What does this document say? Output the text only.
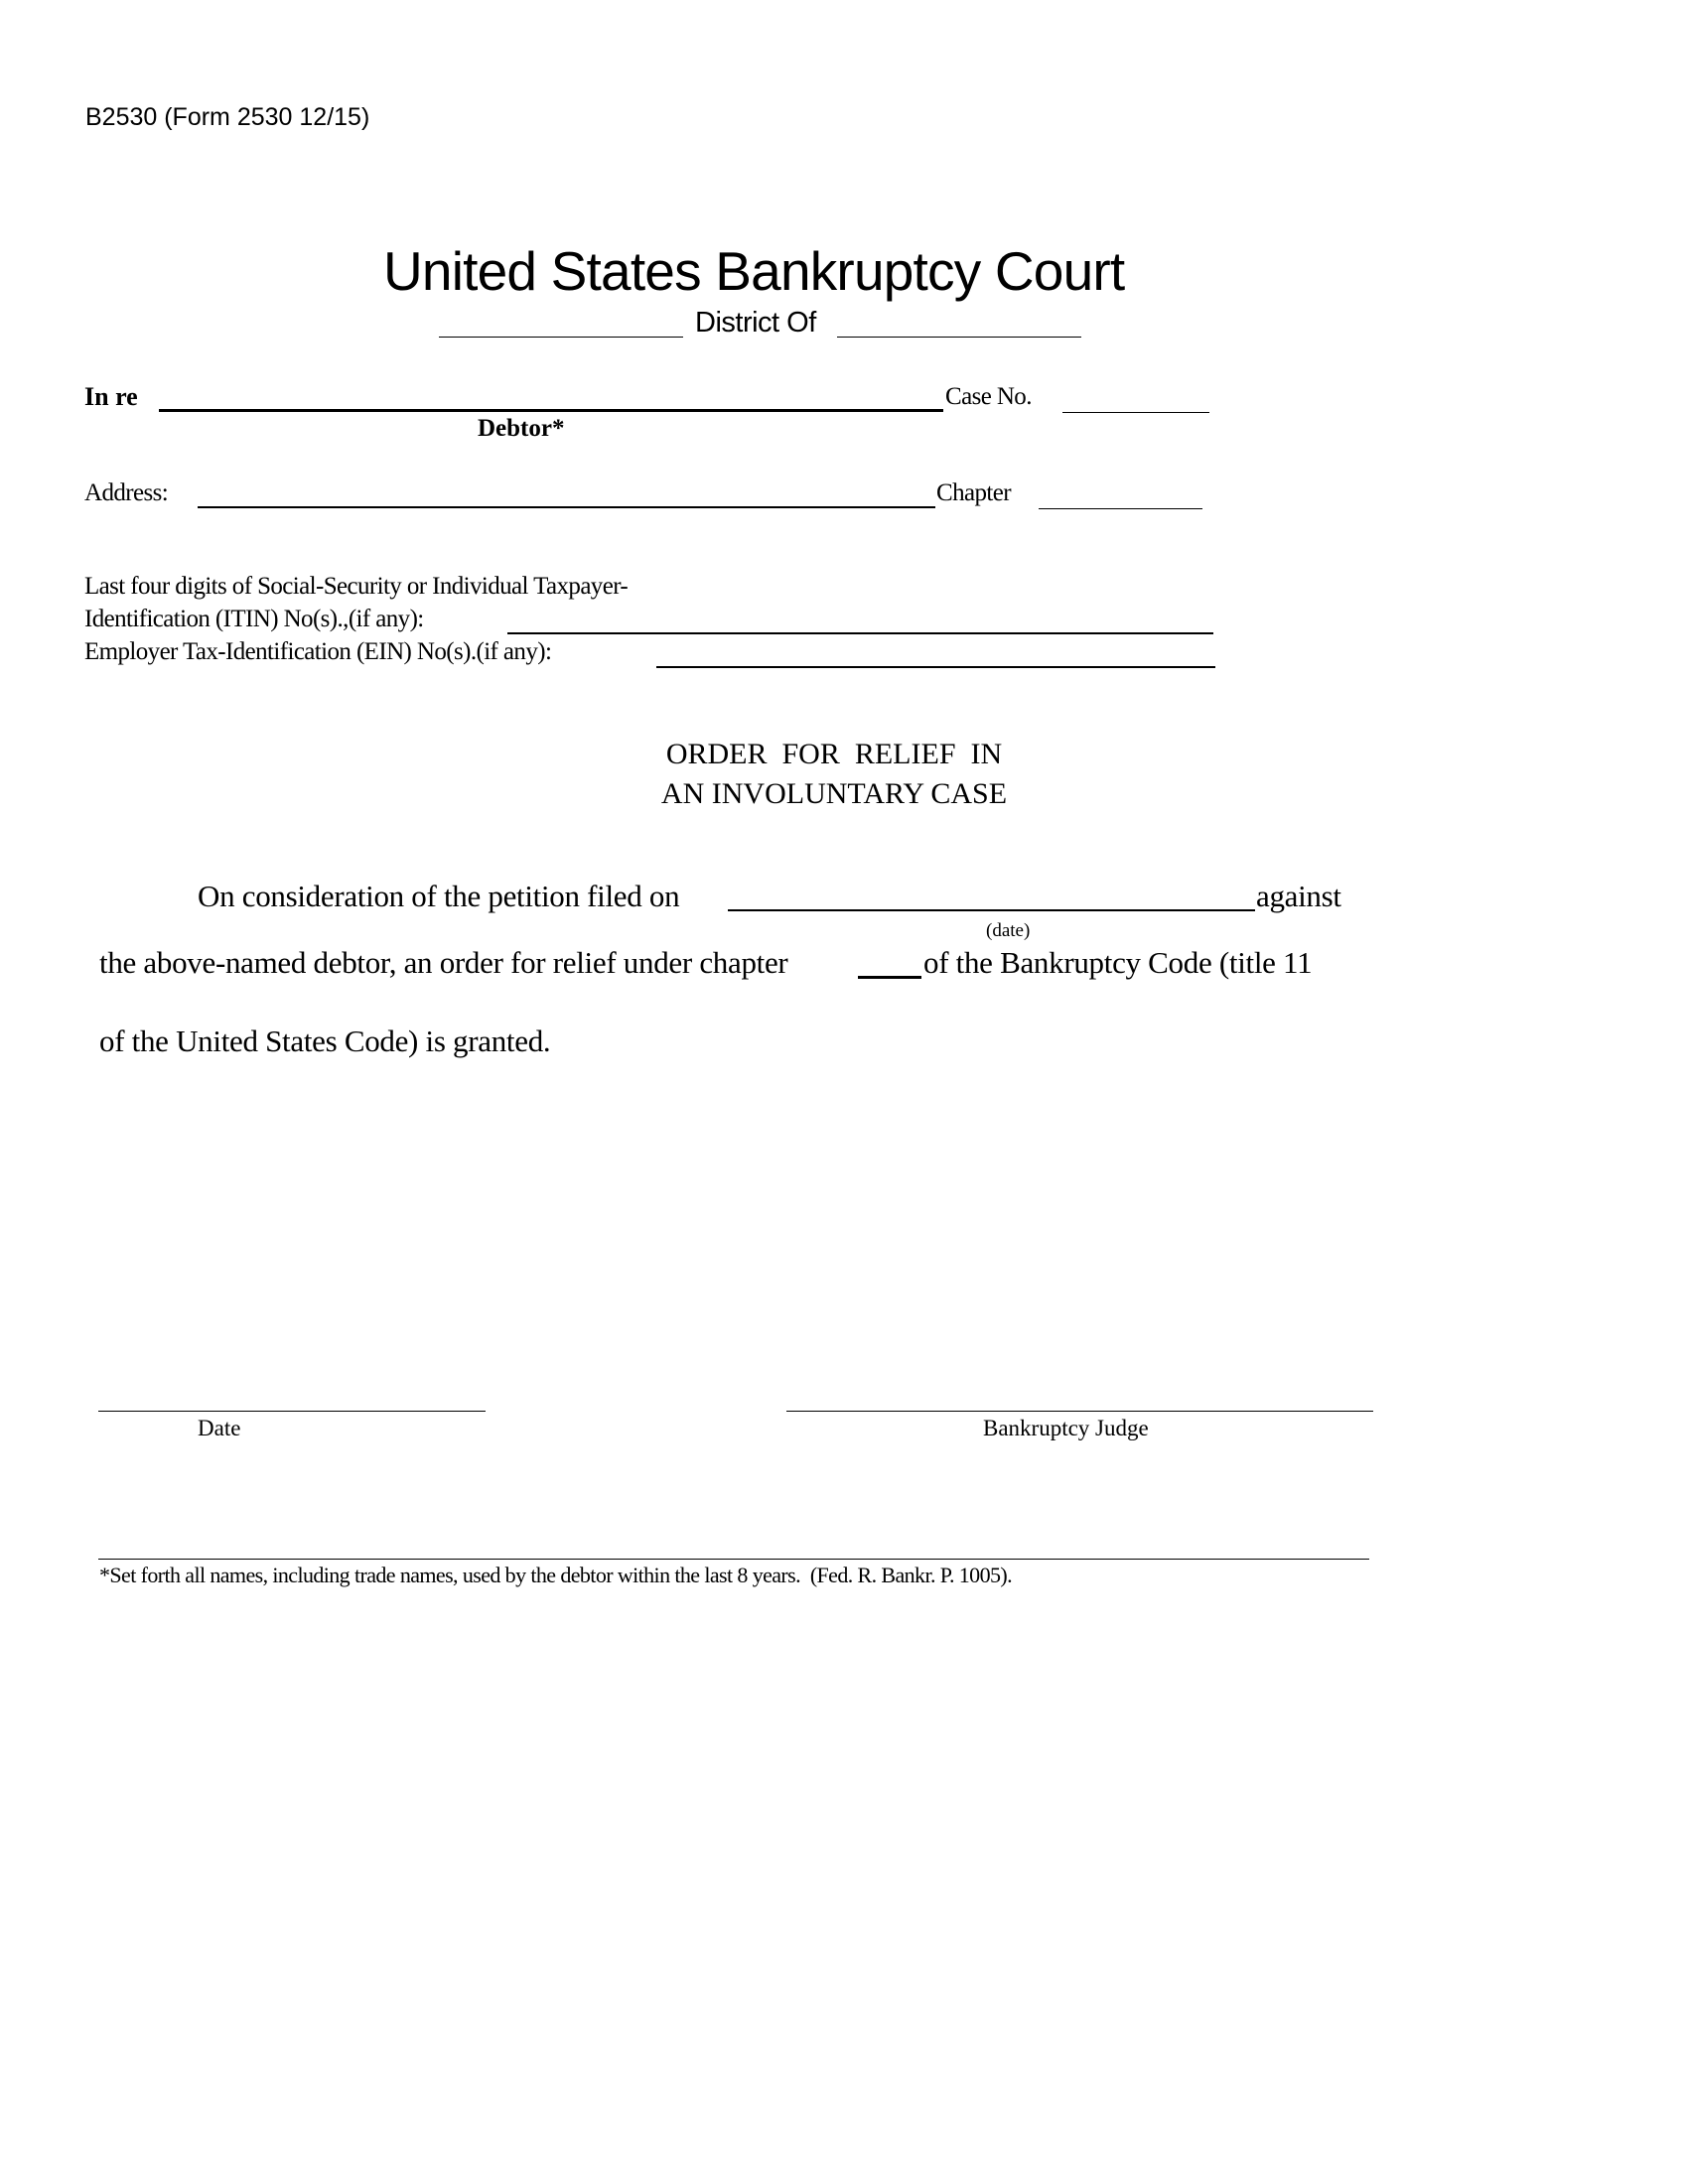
B2530 (Form 2530 12/15)
United States Bankruptcy Court
District Of
In re	Case No.
Debtor*
Address:	Chapter
Last four digits of Social-Security or Individual Taxpayer-
Identification (ITIN) No(s).,(if any):
Employer Tax-Identification (EIN) No(s).(if any):
ORDER  FOR  RELIEF  IN
AN INVOLUNTARY CASE
On consideration of the petition filed on	against
(date)
the above-named debtor, an order for relief under chapter	of the Bankruptcy Code (title 11
of the United States Code) is granted.
Date	Bankruptcy Judge
*Set forth all names, including trade names, used by the debtor within the last 8 years.  (Fed. R. Bankr. P. 1005).
